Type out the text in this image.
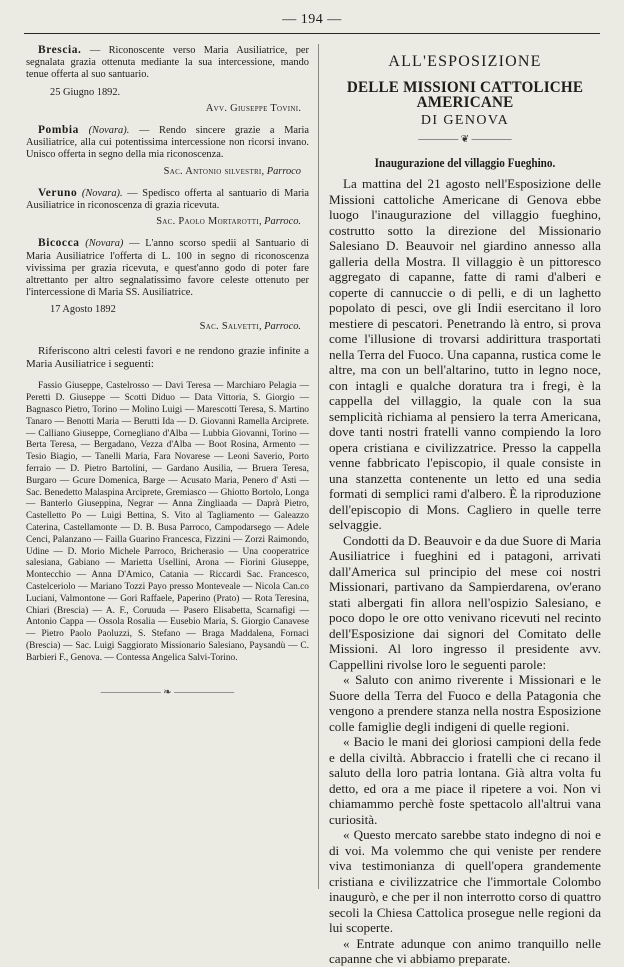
— 194 —

Brescia. — Riconoscente verso Maria Ausiliatrice, per segnalata grazia ottenuta mediante la sua intercessione, mando tenue offerta al suo santuario.

25 Giugno 1892.

Avv. Giuseppe Tovini.

Pombia (Novara). — Rendo sincere grazie a Maria Ausiliatrice, alla cui potentissima intercessione non ricorsi invano. Unisco offerta in segno della mia riconoscenza.

Sac. Antonio silvestri, Parroco

Veruno (Novara). — Spedisco offerta al santuario di Maria Ausiliatrice in riconoscenza di grazia ricevuta.

Sac. Paolo Mortarotti, Parroco.

Bicocca (Novara) — L'anno scorso spedii al Santuario di Maria Ausiliatrice l'offerta di L. 100 in segno di riconoscenza vivissima per grazia ricevuta, e quest'anno godo di poter fare altrettanto per altro segnalatissimo favore celeste ottenuto per l'intercessione di Maria SS. Ausiliatrice.

17 Agosto 1892

Sac. Salvetti, Parroco.

Riferiscono altri celesti favori e ne rendono grazie infinite a Maria Ausiliatrice i seguenti:

Fassio Giuseppe, Castelrosso — Davi Teresa — Marchiaro Pelagia — Peretti D. Giuseppe — Scotti Diduo — Data Vittoria, S. Giorgio — Bagnasco Pietro, Torino — Molino Luigi — Marescotti Teresa, S. Martino Tanaro — Benotti Maria — Berutti Ida — D. Giovanni Ramella Arciprete. — Calliano Giuseppe, Cornegliano d'Alba — Lubbia Giovanni, Torino — Berta Teresa, — Bergadano, Vezza d'Alba — Boot Rosina, Armento — Tesio Biagio, — Tanelli Maria, Fara Novarese — Leoni Saverio, Porto ferraio — D. Pietro Bartolini, — Gardano Ausilia, — Bruera Teresa, Burgaro — Gcure Domenica, Barge — Acusato Maria, Penero d' Asti — Sac. Benedetto Malaspina Arciprete, Gremiasco — Ghiotto Bortolo, Longa — Banterlo Giuseppina, Negrar — Anna Zingliaada — Daprà Pietro, Castelletto Po — Luigi Bettina, S. Vito al Tagliamento — Galeazzo Caterina, Castellamonte — D. B. Busa Parroco, Campodarsego — Adele Cenci, Palanzano — Failla Guarino Francesca, Fizzini — Zorzi Raimondo, Udine — D. Morio Michele Parroco, Bricherasio — Una cooperatrice salesiana, Gabiano — Marietta Usellini, Arona — Fiorini Giuseppe, Montecchio — Anna D'Amico, Catania — Riccardi Sac. Francesco, Castelceriolo — Mariano Tozzi Payo presso Monteveale — Nicola Can.co Luciani, Valmontone — Gori Raffaele, Paperino (Prato) — Rota Teresina, Chiari (Brescia) — A. F., Coruuda — Pasero Elisabetta, Scarnafigi — Antonio Cappa — Ossola Rosalia — Eusebio Maria, S. Giorgio Canavese — Pietro Paolo Paoluzzi, S. Stefano — Braga Maddalena, Fornaci (Brescia) — Sac. Luigi Saggiorato Missionario Salesiano, Paysandù — C. Barbieri F., Genova. — Contessa Angelica Salvi-Torino.

—————— ❧ ——————
ALL'ESPOSIZIONE
DELLE MISSIONI CATTOLICHE AMERICANE
DI GENOVA
———— ❦ ————
Inaugurazione del villaggio Fueghino.

La mattina del 21 agosto nell'Esposizione delle Missioni cattoliche Americane di Genova ebbe luogo l'inaugurazione del villaggio fueghino, costrutto sotto la direzione del Missionario Salesiano D. Beauvoir nel giardino annesso alla galleria della Mostra. Il villaggio è un pittoresco aggregato di capanne, fatte di rami d'alberi e coperte di cannuccie o di pelli, e di un laghetto popolato di pesci, ove gli Indii esercitano il loro mestiere di pescatori. Penetrando là entro, si prova come l'illusione di trovarsi addirittura trasportati nella Terra del Fuoco. Una capanna, rustica come le altre, ma con un bell'altarino, tutto in legno noce, con intagli e qualche doratura tra i fregi, è la cappella del villaggio, la quale con la sua semplicità richiama al pensiero la terra Americana, dove tanti nostri fratelli vanno compiendo la loro opera cristiana e civilizzatrice. Presso la cappella venne fabbricato l'episcopio, il quale consiste in una stanzetta contenente un letto ed una sedia formati di semplici rami d'albero. È la riproduzione dell'episcopio di Mons. Cagliero in quelle terre selvaggie.

Condotti da D. Beauvoir e da due Suore di Maria Ausiliatrice i fueghini ed i patagoni, arrivati dall'America sul principio del mese coi nostri Missionari, partivano da Sampierdarena, ov'erano stati albergati fin allora nell'ospizio Salesiano, e poco dopo le ore otto venivano ricevuti nel recinto dell'Esposizione dai signori del Comitato delle Missioni. Al loro ingresso il presidente avv. Cappellini rivolse loro le seguenti parole:

« Saluto con animo riverente i Missionari e le Suore della Terra del Fuoco e della Patagonia che vengono a prendere stanza nella nostra Esposizione colle famiglie degli indigeni di quelle regioni.

« Bacio le mani dei gloriosi campioni della fede e della civiltà. Abbraccio i fratelli che ci recano il saluto della loro patria lontana. Già altra volta fu detto, ed ora a me piace il ripetere a voi. Non vi chiamammo perchè foste spettacolo all'altrui vana curiosità.

« Questo mercato sarebbe stato indegno di noi e di voi. Ma volemmo che qui veniste per rendere viva testimonianza di quell'opera grandemente cristiana e civilizzatrice che l'immortale Colombo inaugurò, e che per il non interrotto corso di quattro secoli la Chiesa Cattolica prosegue nelle regioni da lui scoperte.

« Entrate adunque con animo tranquillo nelle capanne che vi abbiamo preparate.
